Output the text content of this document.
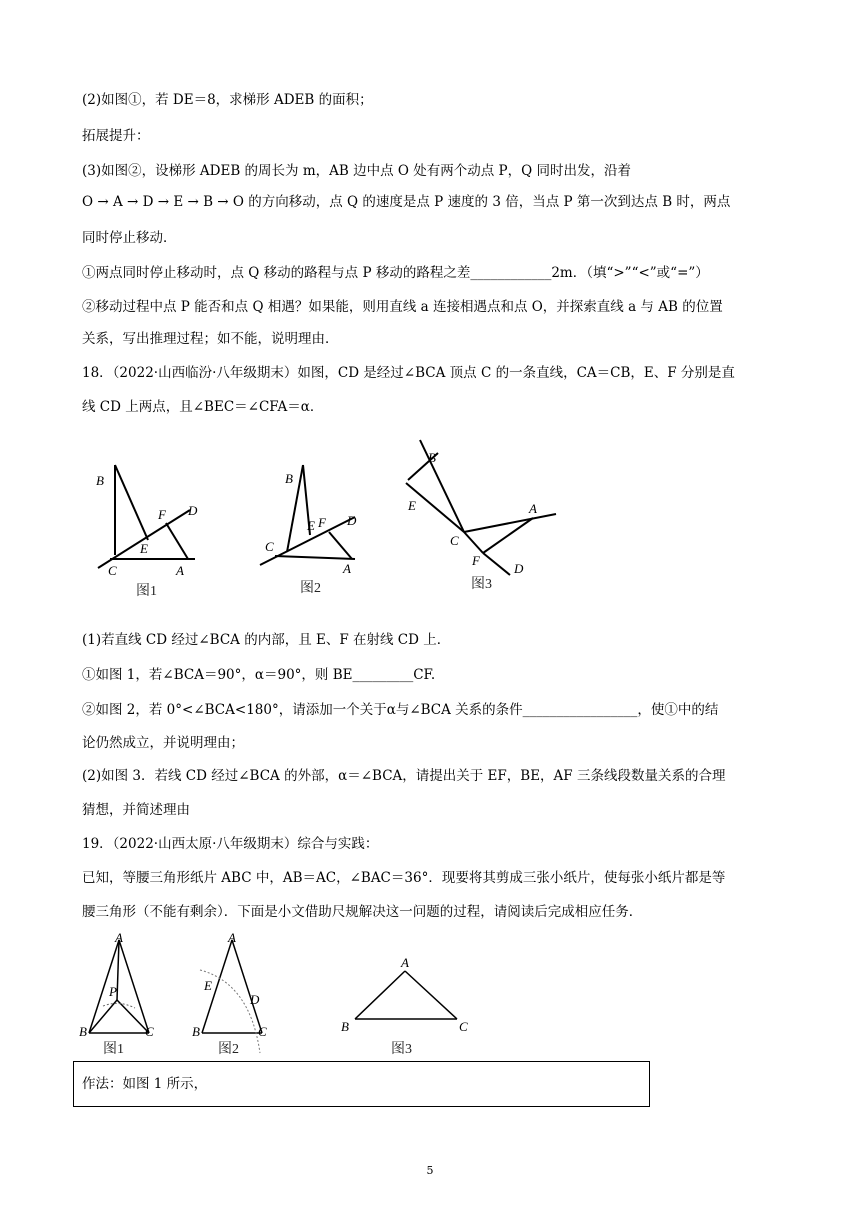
(2)如图①，若 DE＝8，求梯形 ADEB 的面积；
拓展提升：
(3)如图②，设梯形 ADEB 的周长为 m，AB 边中点 O 处有两个动点 P，Q 同时出发，沿着
O → A → D → E → B → O 的方向移动，点 Q 的速度是点 P 速度的 3 倍，当点 P 第一次到达点 B 时，两点
同时停止移动．
①两点同时停止移动时，点 Q 移动的路程与点 P 移动的路程之差____________2m．（填“>”“<”或“=”）
②移动过程中点 P 能否和点 Q 相遇？如果能，则用直线 a 连接相遇点和点 O，并探索直线 a 与 AB 的位置
关系，写出推理过程；如不能，说明理由．
18．（2022·山西临汾·八年级期末）如图，CD 是经过∠BCA 顶点 C 的一条直线，CA＝CB，E、F 分别是直
线 CD 上两点，且∠BEC＝∠CFA＝α．
B
F D
E
C	A
图1
B
E F D
C
A
图2
B
E	A
C
F
D
图3
(1)若直线 CD 经过∠BCA 的内部，且 E、F 在射线 CD 上．
①如图 1，若∠BCA＝90°，α＝90°，则 BE_________CF.
②如图 2，若 0°<∠BCA<180°，请添加一个关于α与∠BCA 关系的条件_________________，使①中的结
论仍然成立，并说明理由；
(2)如图 3．若线 CD 经过∠BCA 的外部，α＝∠BCA，请提出关于 EF，BE，AF 三条线段数量关系的合理
猜想，并简述理由
19．（2022·山西太原·八年级期末）综合与实践：
已知，等腰三角形纸片 ABC 中，AB＝AC，∠BAC＝36°．现要将其剪成三张小纸片，使每张小纸片都是等
腰三角形（不能有剩余）．下面是小文借助尺规解决这一问题的过程，请阅读后完成相应任务．
A
P
B	C
图1
A
E
D
B	C
图2
A
B	C
图3
作法：如图 1 所示，
5
